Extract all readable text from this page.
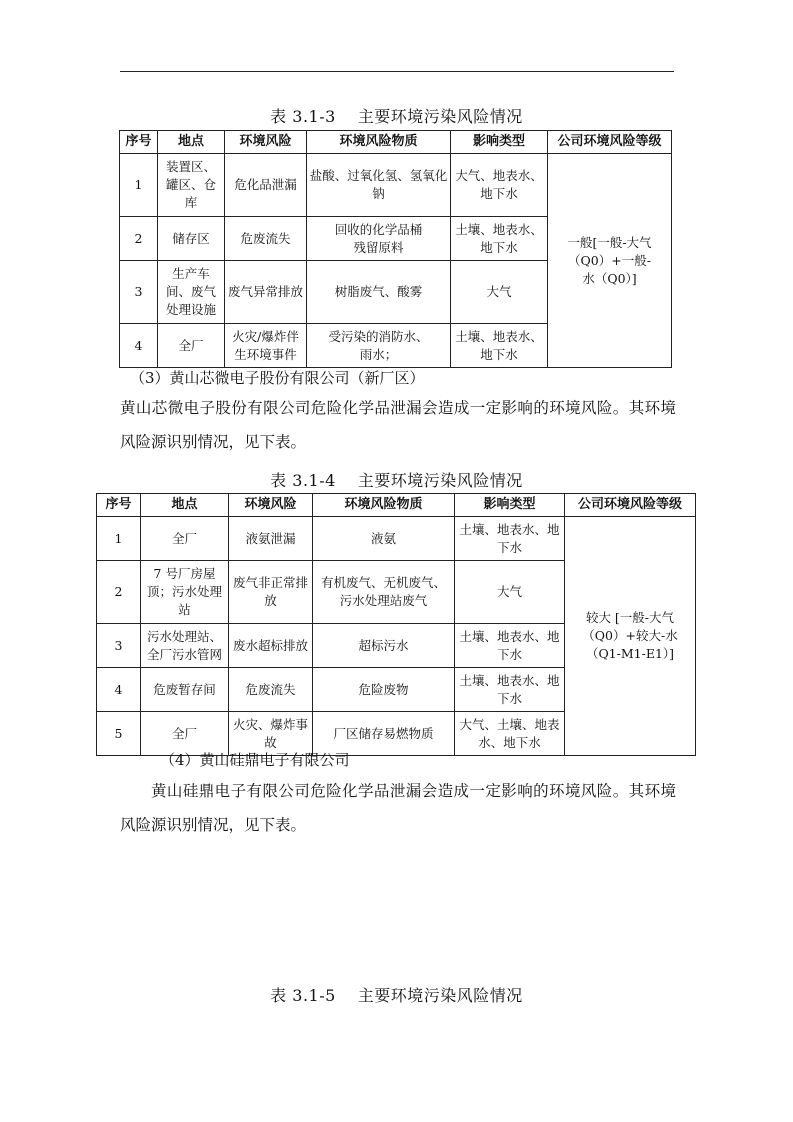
表 3.1-3 主要环境污染风险情况
序号	地点	环境风险	环境风险物质	影响类型	公司环境风险等级
1	装置区、罐区、仓库	危化品泄漏	盐酸、过氧化氢、氢氧化钠	大气、地表水、地下水	一般[一般-大气（Q0）+一般-水（Q0）]
2	储存区	危废流失	回收的化学品桶残留原料	土壤、地表水、地下水	
3	生产车间、废气处理设施	废气异常排放	树脂废气、酸雾	大气	
4	全厂	火灾/爆炸伴生环境事件	受污染的消防水、雨水；	土壤、地表水、地下水	
（3）黄山芯微电子股份有限公司（新厂区）
黄山芯微电子股份有限公司危险化学品泄漏会造成一定影响的环境风险。其环境风险源识别情况，见下表。
表 3.1-4 主要环境污染风险情况
序号	地点	环境风险	环境风险物质	影响类型	公司环境风险等级
1	全厂	液氨泄漏	液氨	土壤、地表水、地下水	较大 [一般-大气（Q0）+较大-水（Q1-M1-E1）]
2	7 号厂房屋顶；污水处理站	废气非正常排放	有机废气、无机废气、污水处理站废气	大气	
3	污水处理站、全厂污水管网	废水超标排放	超标污水	土壤、地表水、地下水	
4	危废暂存间	危废流失	危险废物	土壤、地表水、地下水	
5	全厂	火灾、爆炸事故	厂区储存易燃物质	大气、土壤、地表水、地下水	
（4）黄山硅鼎电子有限公司
黄山硅鼎电子有限公司危险化学品泄漏会造成一定影响的环境风险。其环境风险源识别情况，见下表。
表 3.1-5 主要环境污染风险情况
